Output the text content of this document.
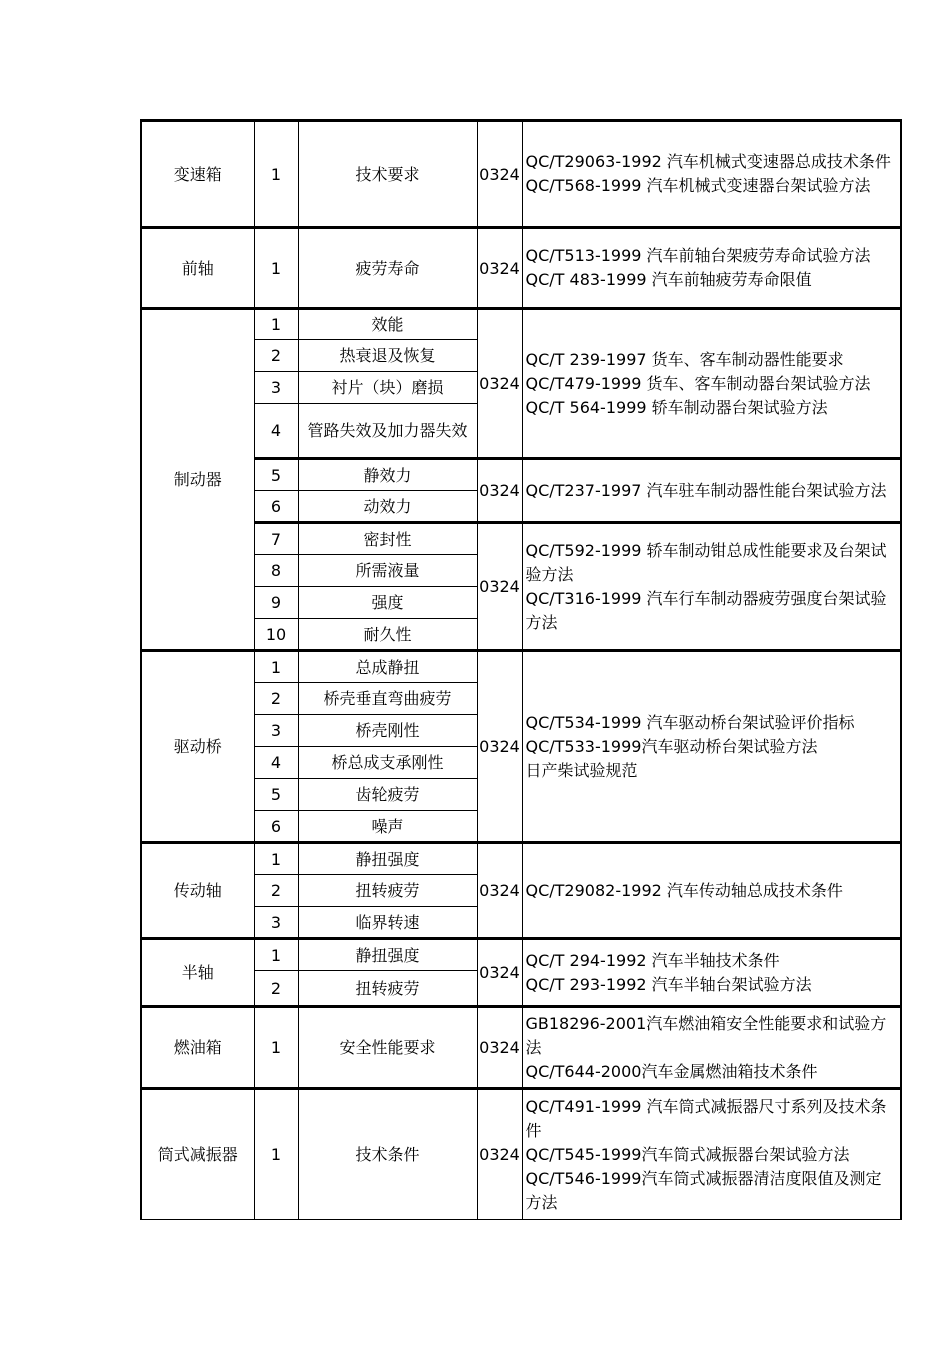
变速箱	1	技术要求	0324	QC/T29063-1992 汽车机械式变速器总成技术条件
QC/T568-1999 汽车机械式变速器台架试验方法

前轴	1	疲劳寿命	0324	QC/T513-1999 汽车前轴台架疲劳寿命试验方法
QC/T 483-1999 汽车前轴疲劳寿命限值

制动器	1	效能	0324	QC/T 239-1997 货车、客车制动器性能要求
QC/T479-1999 货车、客车制动器台架试验方法
QC/T 564-1999 轿车制动器台架试验方法

	2	热衰退及恢复		
	3	衬片（块）磨损		
	4	管路失效及加力器失效		
	5	静效力	0324	QC/T237-1997 汽车驻车制动器性能台架试验方法

	6	动效力		
	7	密封性	0324	QC/T592-1999 轿车制动钳总成性能要求及台架试验方法
QC/T316-1999 汽车行车制动器疲劳强度台架试验方法

	8	所需液量		
	9	强度		
	10	耐久性		
驱动桥	1	总成静扭	0324	QC/T534-1999 汽车驱动桥台架试验评价指标
QC/T533-1999汽车驱动桥台架试验方法
日产柴试验规范

	2	桥壳垂直弯曲疲劳		
	3	桥壳刚性		
	4	桥总成支承刚性		
	5	齿轮疲劳		
	6	噪声		
传动轴	1	静扭强度	0324	QC/T29082-1992 汽车传动轴总成技术条件

	2	扭转疲劳		
	3	临界转速		
半轴	1	静扭强度	0324	QC/T 294-1992 汽车半轴技术条件
QC/T 293-1992 汽车半轴台架试验方法

	2	扭转疲劳		
燃油箱	1	安全性能要求	0324	GB18296-2001汽车燃油箱安全性能要求和试验方法
QC/T644-2000汽车金属燃油箱技术条件

筒式减振器	1	技术条件	0324	QC/T491-1999 汽车筒式减振器尺寸系列及技术条件
QC/T545-1999汽车筒式减振器台架试验方法
QC/T546-1999汽车筒式减振器清洁度限值及测定方法
